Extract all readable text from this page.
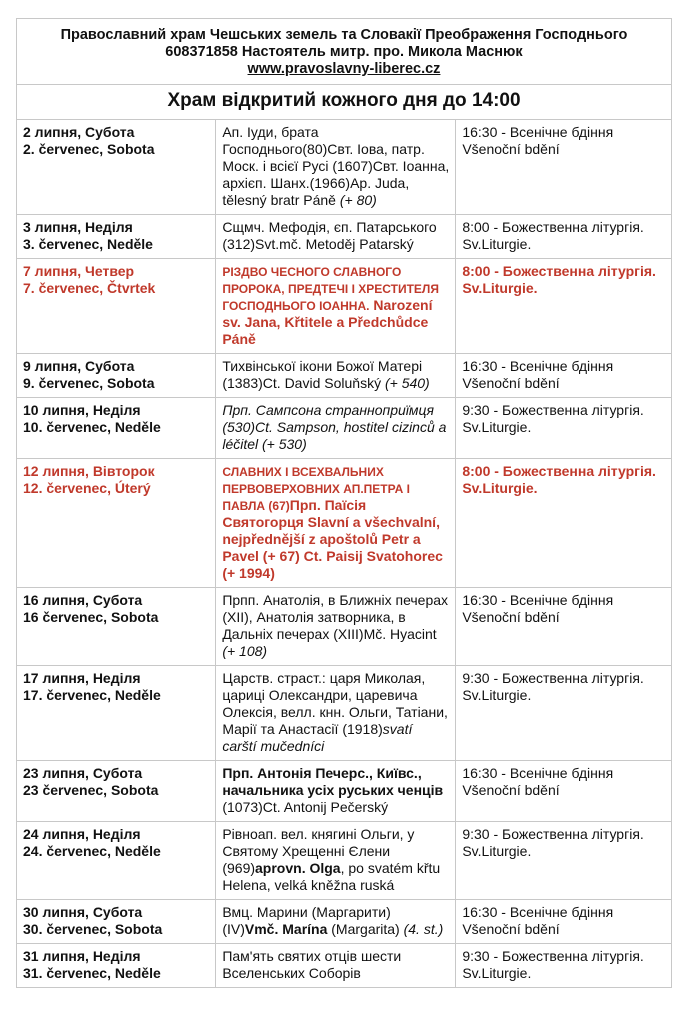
Православний храм Чешських земель та Словакії Преображення Господнього
608371858 Настоятель митр. про. Микола Маснюк
www.pravoslavny-liberec.cz		

Храм відкритий кожного дня до 14:00		

2 липня, Субота
2. červenec, Sobota	Ап. Іуди, брата Господнього(80)Свт. Іова, патр. Моск. і всієї Русі (1607)Свт. Іоанна, архієп. Шанх.(1966)Ap. Juda, tělesný bratr Páně (+ 80)	16:30 - Всенічне бдіння Všenoční bdění

3 липня, Неділя
3. červenec, Neděle	Сщмч. Мефодія, єп. Патарського (312)Svt.mč. Metoděj Patarský	8:00 - Божественна літургія. Sv.Liturgie.

7 липня, Четвер
7. červenec, Čtvrtek	РІЗДВО ЧЕСНОГО СЛАВНОГО ПРОРОКА, ПРЕДТЕЧІ І ХРЕСТИТЕЛЯ ГОСПОДНЬОГО ІОАННА. Narození sv. Jana, Křtitele a Předchůdce Páně	8:00 - Божественна літургія. Sv.Liturgie.

9 липня, Субота
9. červenec, Sobota	Тихвінської ікони Божої Матері (1383)Ct. David Soluňský (+ 540)	16:30 - Всенічне бдіння Všenoční bdění

10 липня, Неділя
10. červenec, Neděle	Прп. Сампсона странноприїмця (530)Ct. Sampson, hostitel cizinců a léčitel (+ 530)	9:30 - Божественна літургія. Sv.Liturgie.

12 липня, Вівторок
12. červenec, Úterý	СЛАВНИХ І ВСЕХВАЛЬНИХ ПЕРВОВЕРХОВНИХ АП.ПЕТРА І ПАВЛА (67)Прп. Паїсія Святогорця Slavní a všechvalní, nejpřednější z apoštolů Petr a Pavel (+ 67) Ct. Paisij Svatohorec (+ 1994)	8:00 - Божественна літургія. Sv.Liturgie.

16 липня, Субота
16 červenec, Sobota	Прпп. Анатолія, в Ближніх печерах (XII), Анатолія затворника, в Дальніх печерах (XIII)Mč. Hyacint (+ 108)	16:30 - Всенічне бдіння Všenoční bdění

17 липня, Неділя
17. červenec, Neděle	Царств. страст.: царя Миколая, цариці Олександри, царевича Олексія, велл. кнн. Ольги, Татіани, Марії та Анастасії (1918)svatí carští mučedníci	9:30 - Божественна літургія. Sv.Liturgie.

23 липня, Субота
23 červenec, Sobota	Прп. Антонія Печерс., Київс., начальника усіх руських ченців (1073)Ct. Antonij Pečerský	16:30 - Всенічне бдіння Všenoční bdění

24 липня, Неділя
24. červenec, Neděle	Рівноап. вел. княгині Ольги, у Святому Хрещенні Єлени (969)aprovn. Olga, po svatém křtu Helena, velká kněžna ruská	9:30 - Божественна літургія. Sv.Liturgie.

30 липня, Субота
30. červenec, Sobota	Вмц. Марини (Маргарити) (IV)Vmč. Marína (Margarita) (4. st.)	16:30 - Всенічне бдіння Všenoční bdění

31 липня, Неділя
31. červenec, Neděle	Пам'ять святих отців шести Вселенських Соборів	9:30 - Божественна літургія. Sv.Liturgie.
